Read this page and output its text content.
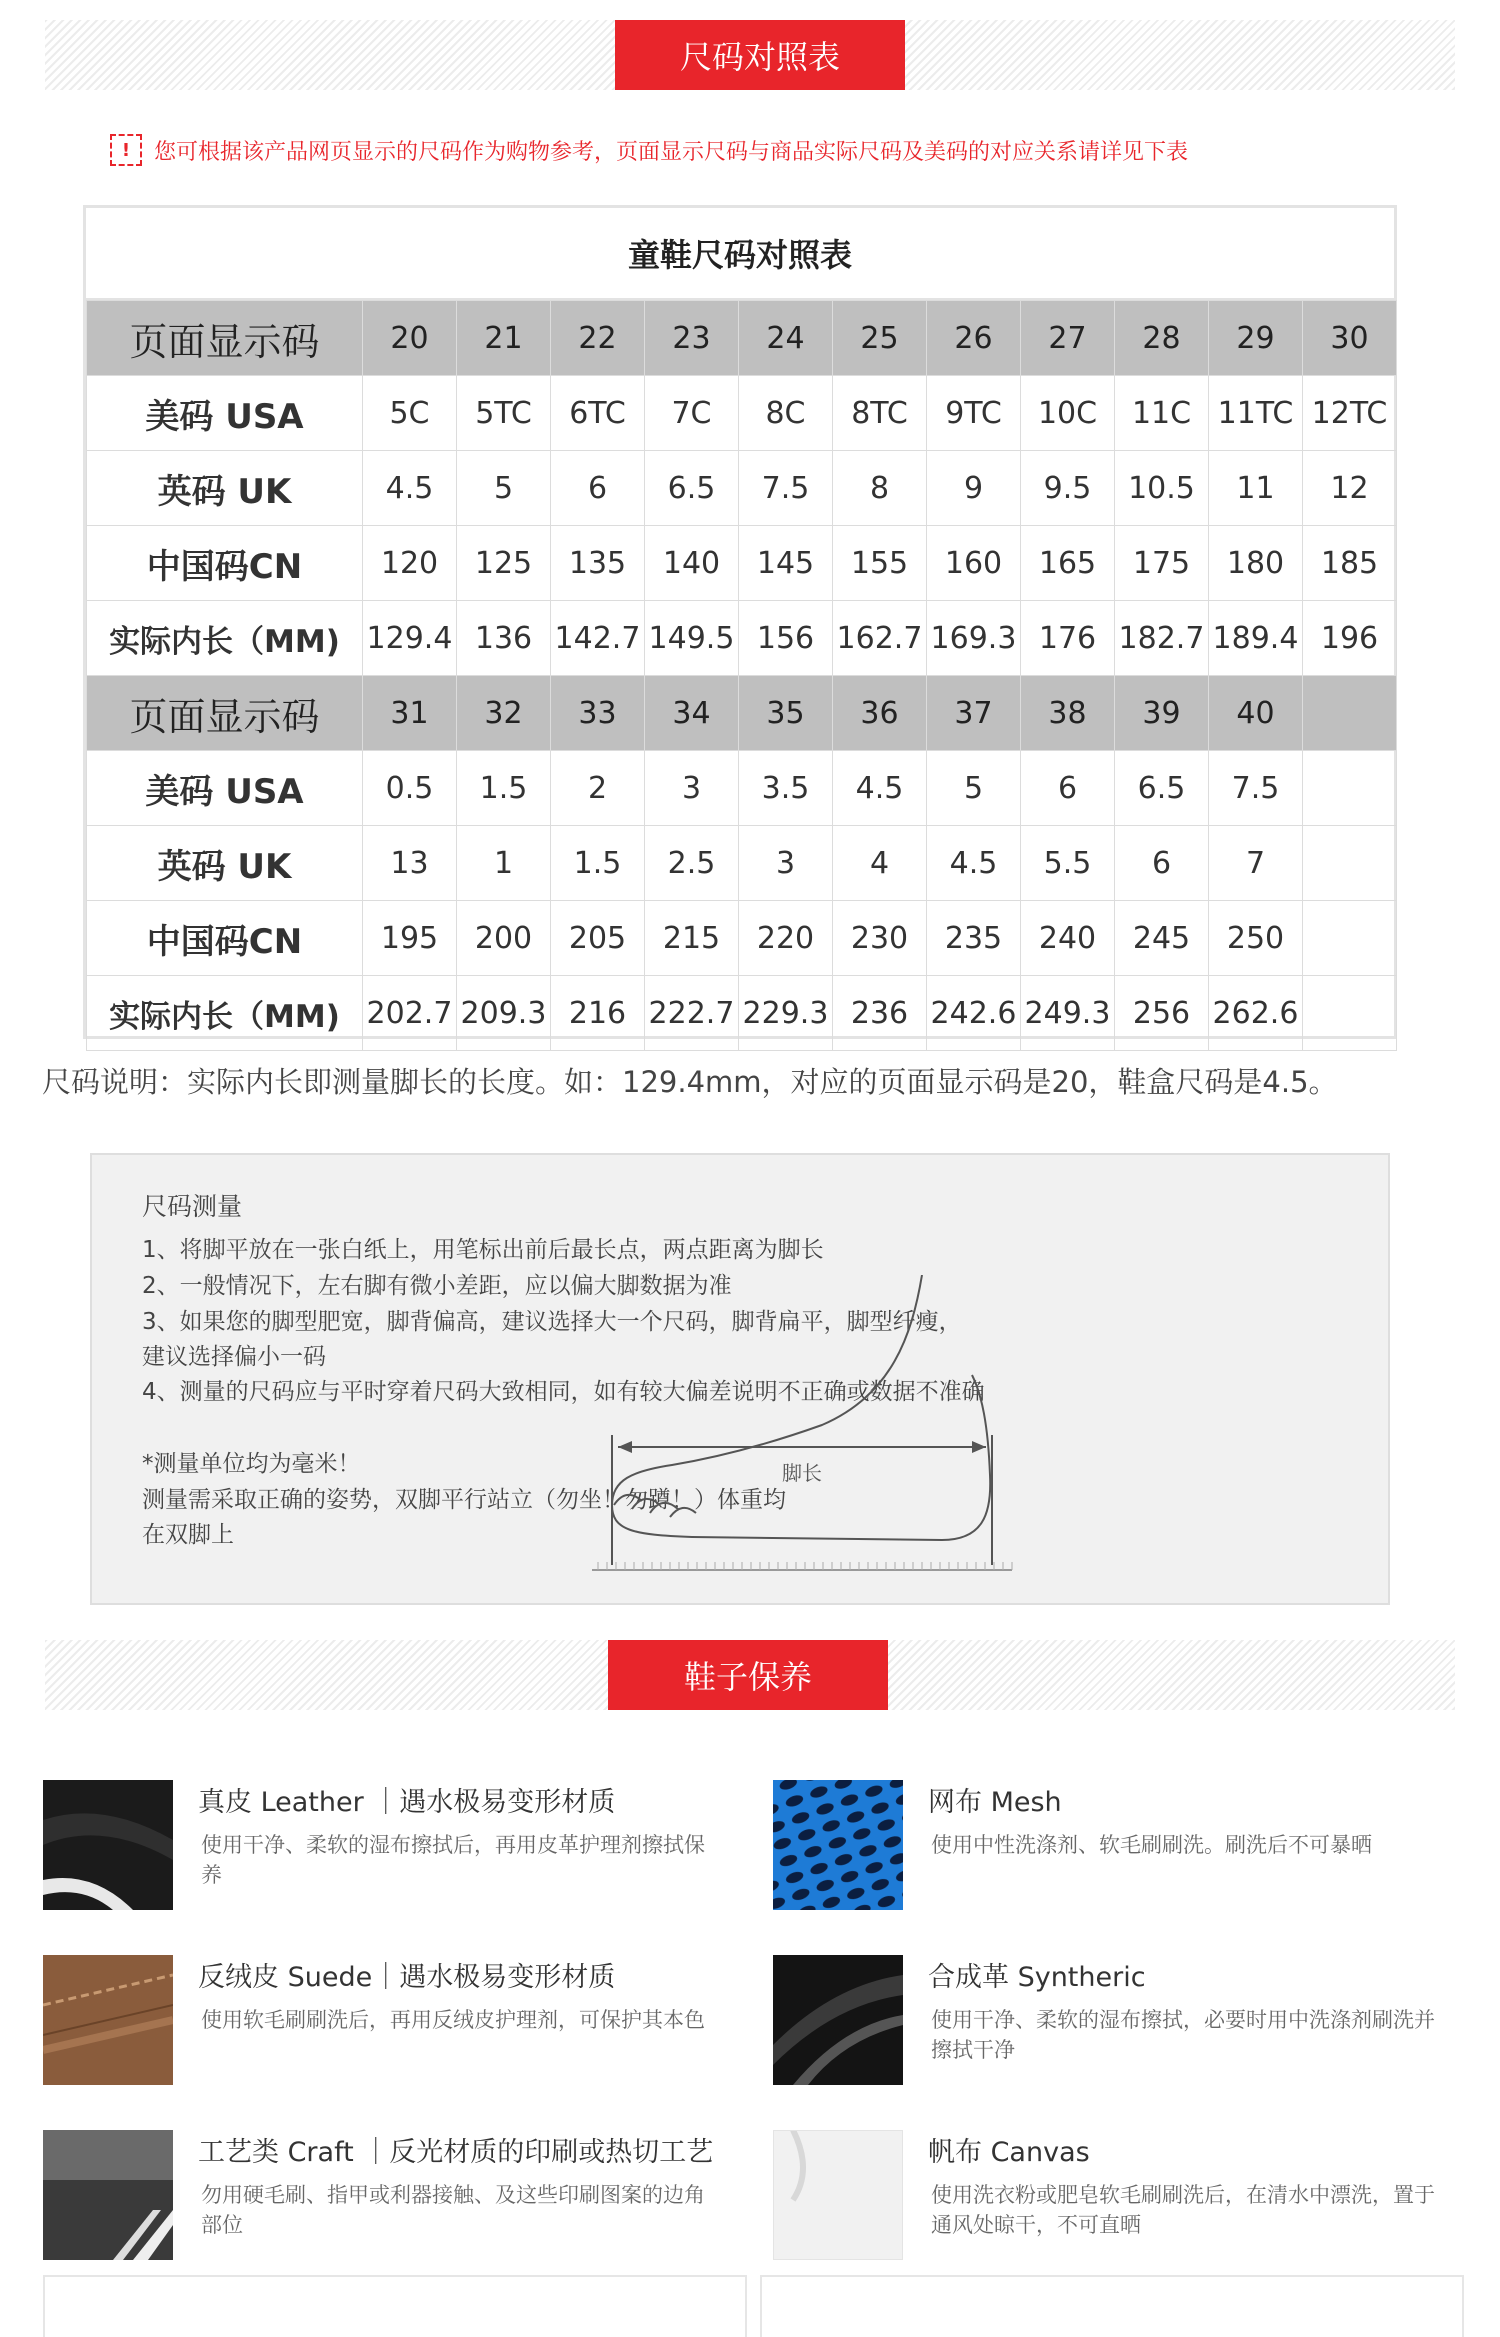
尺码对照表
!	您可根据该产品网页显示的尺码作为购物参考，页面显示尺码与商品实际尺码及美码的对应关系请详见下表
童鞋尺码对照表
页面显示码	20	21	22	23	24	25	26	27	28	29	30
美码 USA	5C	5TC	6TC	7C	8C	8TC	9TC	10C	11C	11TC	12TC
英码 UK	4.5	5	6	6.5	7.5	8	9	9.5	10.5	11	12
中国码CN	120	125	135	140	145	155	160	165	175	180	185
实际内长（MM)	129.4	136	142.7	149.5	156	162.7	169.3	176	182.7	189.4	196
页面显示码	31	32	33	34	35	36	37	38	39	40	
美码 USA	0.5	1.5	2	3	3.5	4.5	5	6	6.5	7.5	
英码 UK	13	1	1.5	2.5	3	4	4.5	5.5	6	7	
中国码CN	195	200	205	215	220	230	235	240	245	250	
实际内长（MM)	202.7	209.3	216	222.7	229.3	236	242.6	249.3	256	262.6	
尺码说明：实际内长即测量脚长的长度。如：129.4mm，对应的页面显示码是20，鞋盒尺码是4.5。
尺码测量
1、将脚平放在一张白纸上，用笔标出前后最长点，两点距离为脚长
2、一般情况下，左右脚有微小差距，应以偏大脚数据为准
3、如果您的脚型肥宽，脚背偏高，建议选择大一个尺码，脚背扁平，脚型纤瘦，
建议选择偏小一码
4、测量的尺码应与平时穿着尺码大致相同，如有较大偏差说明不正确或数据不准确
*测量单位均为毫米！
测量需采取正确的姿势，双脚平行站立（勿坐！勿蹲！）体重均
在双脚上
脚长
鞋子保养
真皮 Leather ｜遇水极易变形材质
使用干净、柔软的湿布擦拭后，再用皮革护理剂擦拭保养
网布 Mesh
使用中性洗涤剂、软毛刷刷洗。刷洗后不可暴晒
反绒皮 Suede｜遇水极易变形材质
使用软毛刷刷洗后，再用反绒皮护理剂，可保护其本色
合成革 Syntheric
使用干净、柔软的湿布擦拭，必要时用中洗涤剂刷洗并擦拭干净
工艺类 Craft ｜反光材质的印刷或热切工艺
勿用硬毛刷、指甲或利器接触、及这些印刷图案的边角部位
帆布 Canvas
使用洗衣粉或肥皂软毛刷刷洗后，在清水中漂洗，置于通风处晾干，不可直晒
